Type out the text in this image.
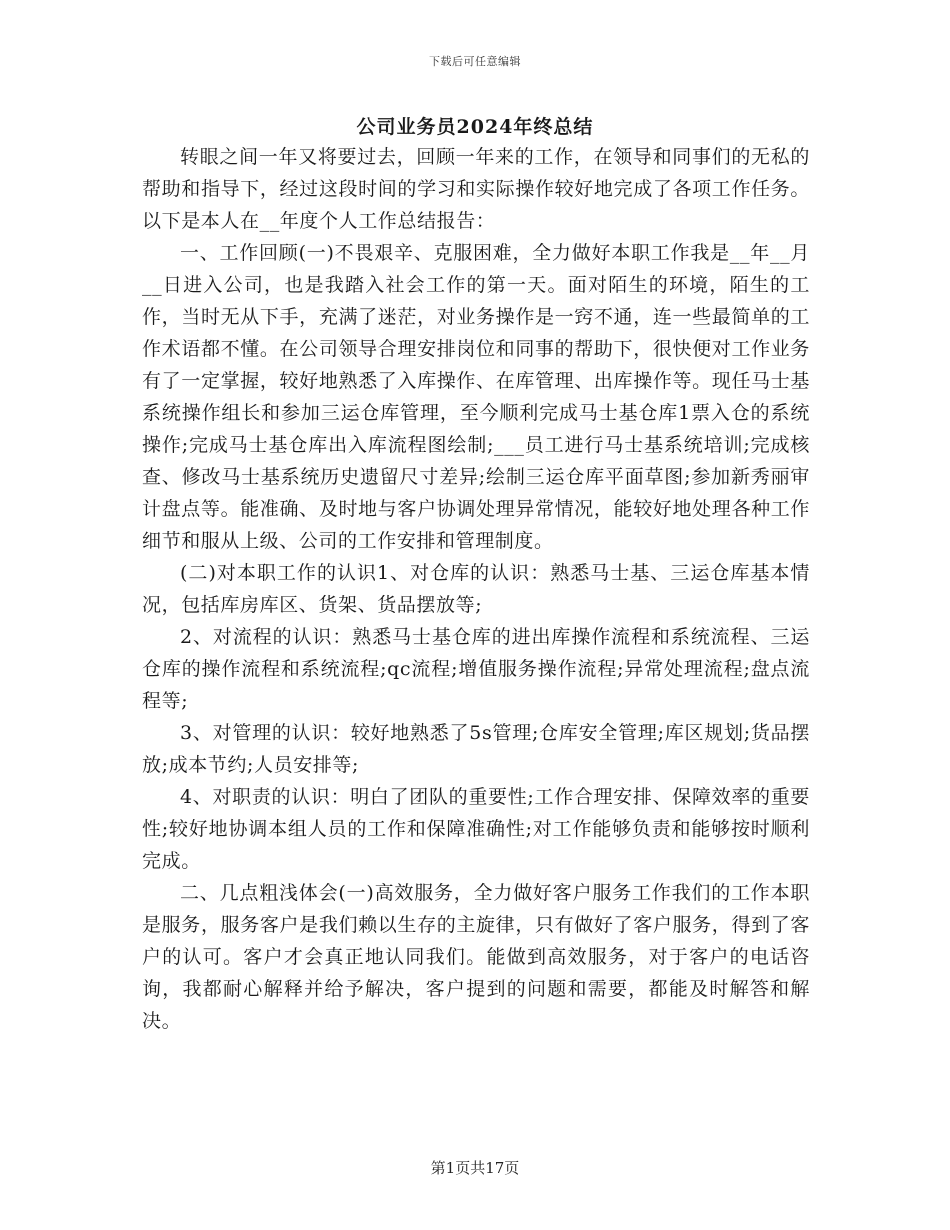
下载后可任意编辑
公司业务员2024年终总结

转眼之间一年又将要过去，回顾一年来的工作，在领导和同事们的无私的帮助和指导下，经过这段时间的学习和实际操作较好地完成了各项工作任务。以下是本人在__年度个人工作总结报告：

一、工作回顾(一)不畏艰辛、克服困难，全力做好本职工作我是__年__月__日进入公司，也是我踏入社会工作的第一天。面对陌生的环境，陌生的工作，当时无从下手，充满了迷茫，对业务操作是一窍不通，连一些最简单的工作术语都不懂。在公司领导合理安排岗位和同事的帮助下，很快便对工作业务有了一定掌握，较好地熟悉了入库操作、在库管理、出库操作等。现任马士基系统操作组长和参加三运仓库管理，至今顺利完成马士基仓库1票入仓的系统操作;完成马士基仓库出入库流程图绘制;___员工进行马士基系统培训;完成核查、修改马士基系统历史遗留尺寸差异;绘制三运仓库平面草图;参加新秀丽审计盘点等。能准确、及时地与客户协调处理异常情况，能较好地处理各种工作细节和服从上级、公司的工作安排和管理制度。

(二)对本职工作的认识1、对仓库的认识：熟悉马士基、三运仓库基本情况，包括库房库区、货架、货品摆放等;

2、对流程的认识：熟悉马士基仓库的进出库操作流程和系统流程、三运仓库的操作流程和系统流程;qc流程;增值服务操作流程;异常处理流程;盘点流程等;

3、对管理的认识：较好地熟悉了5s管理;仓库安全管理;库区规划;货品摆放;成本节约;人员安排等;

4、对职责的认识：明白了团队的重要性;工作合理安排、保障效率的重要性;较好地协调本组人员的工作和保障准确性;对工作能够负责和能够按时顺利完成。

二、几点粗浅体会(一)高效服务，全力做好客户服务工作我们的工作本职是服务，服务客户是我们赖以生存的主旋律，只有做好了客户服务，得到了客户的认可。客户才会真正地认同我们。能做到高效服务，对于客户的电话咨询，我都耐心解释并给予解决，客户提到的问题和需要，都能及时解答和解决。

第1页共17页
